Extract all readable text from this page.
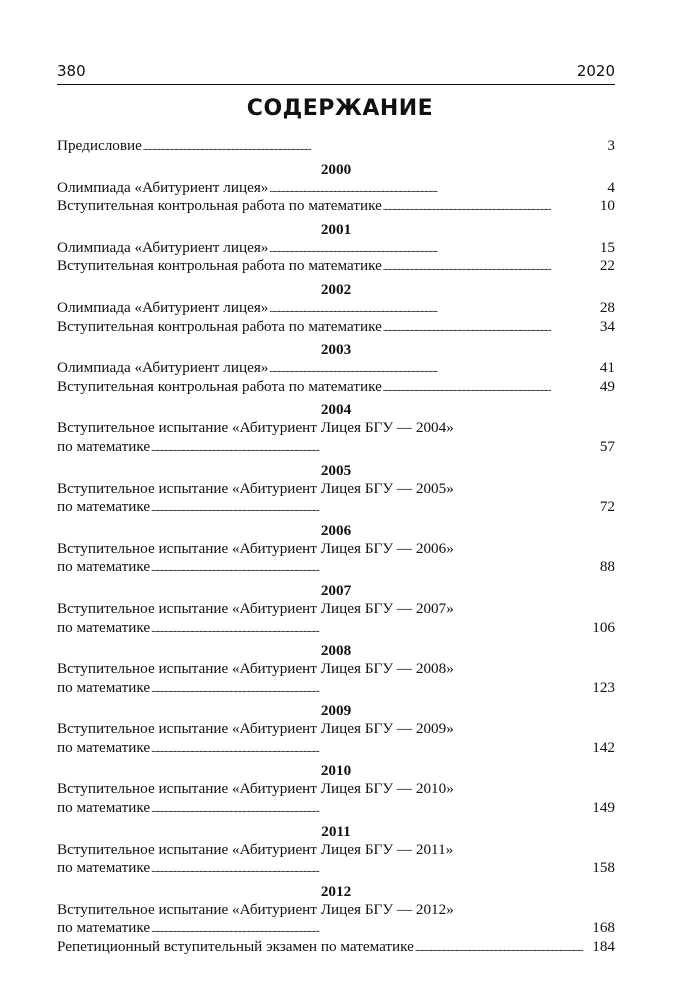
380	2020
СОДЕРЖАНИЕ
Предисловие . . .	3
2000
Олимпиада «Абитуриент лицея» . . .	4
Вступительная контрольная работа по математике . . .	10
2001
Олимпиада «Абитуриент лицея» . . .	15
Вступительная контрольная работа по математике . . .	22
2002
Олимпиада «Абитуриент лицея» . . .	28
Вступительная контрольная работа по математике . . .	34
2003
Олимпиада «Абитуриент лицея» . . .	41
Вступительная контрольная работа по математике . . .	49
2004
Вступительное испытание «Абитуриент Лицея БГУ — 2004»
по математике . . .	57
2005
Вступительное испытание «Абитуриент Лицея БГУ — 2005»
по математике . . .	72
2006
Вступительное испытание «Абитуриент Лицея БГУ — 2006»
по математике . . .	88
2007
Вступительное испытание «Абитуриент Лицея БГУ — 2007»
по математике . . .	106
2008
Вступительное испытание «Абитуриент Лицея БГУ — 2008»
по математике . . .	123
2009
Вступительное испытание «Абитуриент Лицея БГУ — 2009»
по математике . . .	142
2010
Вступительное испытание «Абитуриент Лицея БГУ — 2010»
по математике . . .	149
2011
Вступительное испытание «Абитуриент Лицея БГУ — 2011»
по математике . . .	158
2012
Вступительное испытание «Абитуриент Лицея БГУ — 2012»
по математике . . .	168
Репетиционный вступительный экзамен по математике . . .	184
